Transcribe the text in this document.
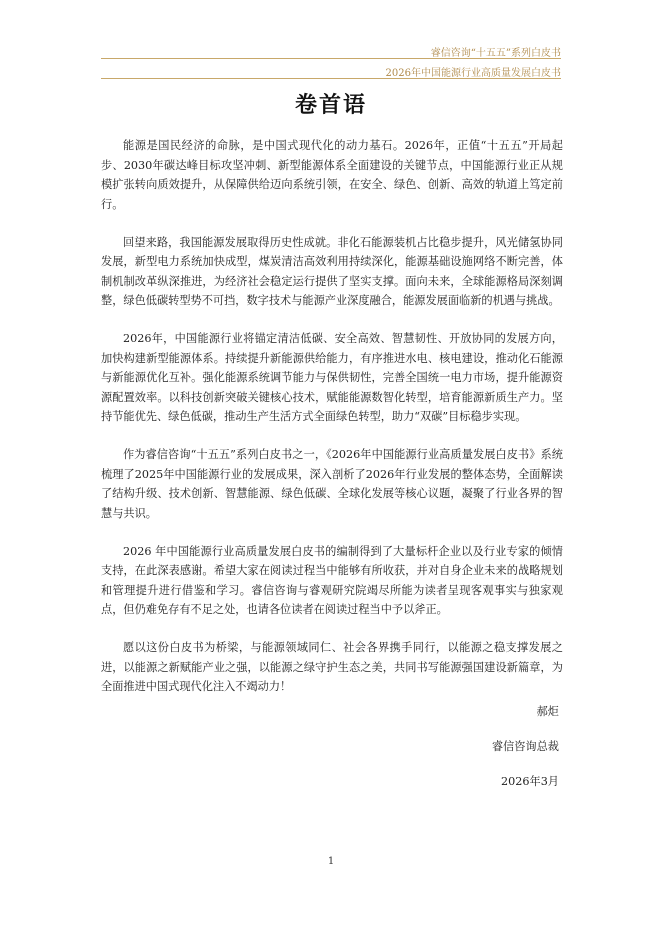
睿信咨询“十五五”系列白皮书
2026年中国能源行业高质量发展白皮书
卷首语

能源是国民经济的命脉，是中国式现代化的动力基石。2026年，正值“十五五”开局起步、2030年碳达峰目标攻坚冲刺、新型能源体系全面建设的关键节点，中国能源行业正从规模扩张转向质效提升，从保障供给迈向系统引领，在安全、绿色、创新、高效的轨道上笃定前行。

回望来路，我国能源发展取得历史性成就。非化石能源装机占比稳步提升，风光储氢协同发展，新型电力系统加快成型，煤炭清洁高效利用持续深化，能源基础设施网络不断完善，体制机制改革纵深推进，为经济社会稳定运行提供了坚实支撑。面向未来，全球能源格局深刻调整，绿色低碳转型势不可挡，数字技术与能源产业深度融合，能源发展面临新的机遇与挑战。

2026年，中国能源行业将锚定清洁低碳、安全高效、智慧韧性、开放协同的发展方向，加快构建新型能源体系。持续提升新能源供给能力，有序推进水电、核电建设，推动化石能源与新能源优化互补。强化能源系统调节能力与保供韧性，完善全国统一电力市场，提升能源资源配置效率。以科技创新突破关键核心技术，赋能能源数智化转型，培育能源新质生产力。坚持节能优先、绿色低碳，推动生产生活方式全面绿色转型，助力“双碳”目标稳步实现。

作为睿信咨询“十五五”系列白皮书之一，《2026年中国能源行业高质量发展白皮书》系统梳理了2025年中国能源行业的发展成果，深入剖析了2026年行业发展的整体态势，全面解读了结构升级、技术创新、智慧能源、绿色低碳、全球化发展等核心议题，凝聚了行业各界的智慧与共识。

2026 年中国能源行业高质量发展白皮书的编制得到了大量标杆企业以及行业专家的倾情支持，在此深表感谢。希望大家在阅读过程当中能够有所收获，并对自身企业未来的战略规划和管理提升进行借鉴和学习。睿信咨询与睿观研究院竭尽所能为读者呈现客观事实与独家观点，但仍难免存有不足之处，也请各位读者在阅读过程当中予以斧正。

愿以这份白皮书为桥梁，与能源领域同仁、社会各界携手同行，以能源之稳支撑发展之进，以能源之新赋能产业之强，以能源之绿守护生态之美，共同书写能源强国建设新篇章，为全面推进中国式现代化注入不竭动力！

郝炬
睿信咨询总裁
2026年3月
1
